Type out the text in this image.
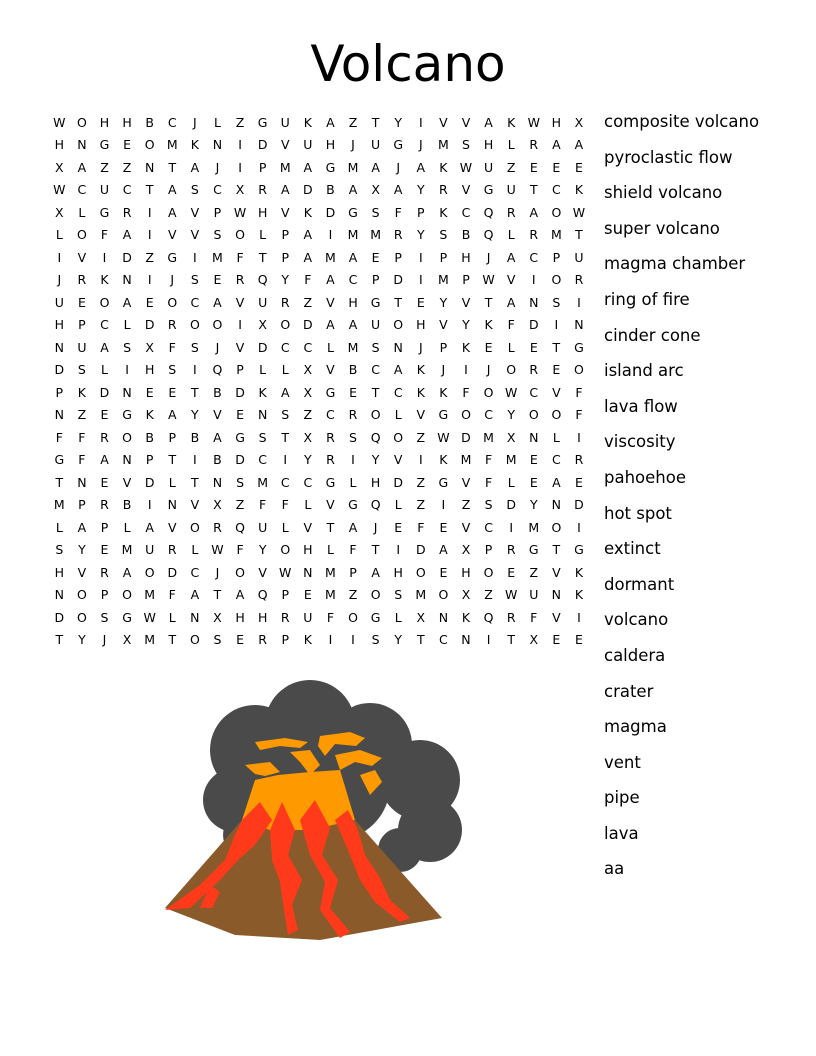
Volcano
W O	H	H	B	C	J	L	Z	G	U	K	A	Z	T	Y	I	V	V	A	K W H	X
H	N	G	E	O M	K	N	I	D	V	U	H	J	U	G	J	M	S	H	L	R	A	A
X	A	Z	Z	N	T	A	J	I	P	M	A	G M	A	J	A	K W U	Z	E	E	E
W C	U	C	T	A	S	C	X	R	A	D	B	A	X	A	Y	R	V	G	U	T	C	K
X	L	G	R	I	A	V	P	W H	V	K	D	G	S	F	P	K	C	Q	R	A	O W
L	O	F	A	I	V	V	S	O	L	P	A	I	M M	R	Y	S	B	Q	L	R	M	T
I	V	I	D	Z	G	I	M	F	T	P	A	M	A	E	P	I	P	H	J	A	C	P	U
J	R	K	N	I	J	S	E	R	Q	Y	F	A	C	P	D	I	M	P	W V	I	O	R
U	E	O	A	E	O	C	A	V	U	R	Z	V	H	G	T	E	Y	V	T	A	N	S	I
H	P	C	L	D	R	O	O	I	X	O	D	A	A	U	O	H	V	Y	K	F	D	I	N
N	U	A	S	X	F	S	J	V	D	C	C	L	M	S	N	J	P	K	E	L	E	T	G
D	S	L	I	H	S	I	Q	P	L	L	X	V	B	C	A	K	J	I	J	O	R	E	O
P	K	D	N	E	E	T	B	D	K	A	X	G	E	T	C	K	K	F	O W C	V	F
N	Z	E	G	K	A	Y	V	E	N	S	Z	C	R	O	L	V	G	O	C	Y	O	O	F
F	F	R	O	B	P	B	A	G	S	T	X	R	S	Q	O	Z W D M	X	N	L	I
G	F	A	N	P	T	I	B	D	C	I	Y	R	I	Y	V	I	K	M	F	M	E	C	R
T	N	E	V	D	L	T	N	S	M	C	C	G	L	H	D	Z	G	V	F	L	E	A	E
M	P	R	B	I	N	V	X	Z	F	F	L	V	G	Q	L	Z	I	Z	S	D	Y	N	D
L	A	P	L	A	V	O	R	Q	U	L	V	T	A	J	E	F	E	V	C	I	M O	I
S	Y	E	M	U	R	L	W	F	Y	O	H	L	F	T	I	D	A	X	P	R	G	T	G
H	V	R	A	O	D	C	J	O	V W N	M	P	A	H	O	E	H	O	E	Z	V	K
N	O	P	O M	F	A	T	A	Q	P	E	M	Z	O	S	M O	X	Z W U	N	K
D	O	S	G W	L	N	X	H	H	R	U	F	O	G	L	X	N	K	Q	R	F	V	I
T	Y	J	X	M	T	O	S	E	R	P	K	I	I	S	Y	T	C	N	I	T	X	E	E
composite volcano
pyroclastic flow
shield volcano
super volcano
magma chamber
ring of fire
cinder cone
island arc
lava flow
viscosity
pahoehoe
hot spot
extinct
dormant
volcano
caldera
crater
magma
vent
pipe
lava
aa
